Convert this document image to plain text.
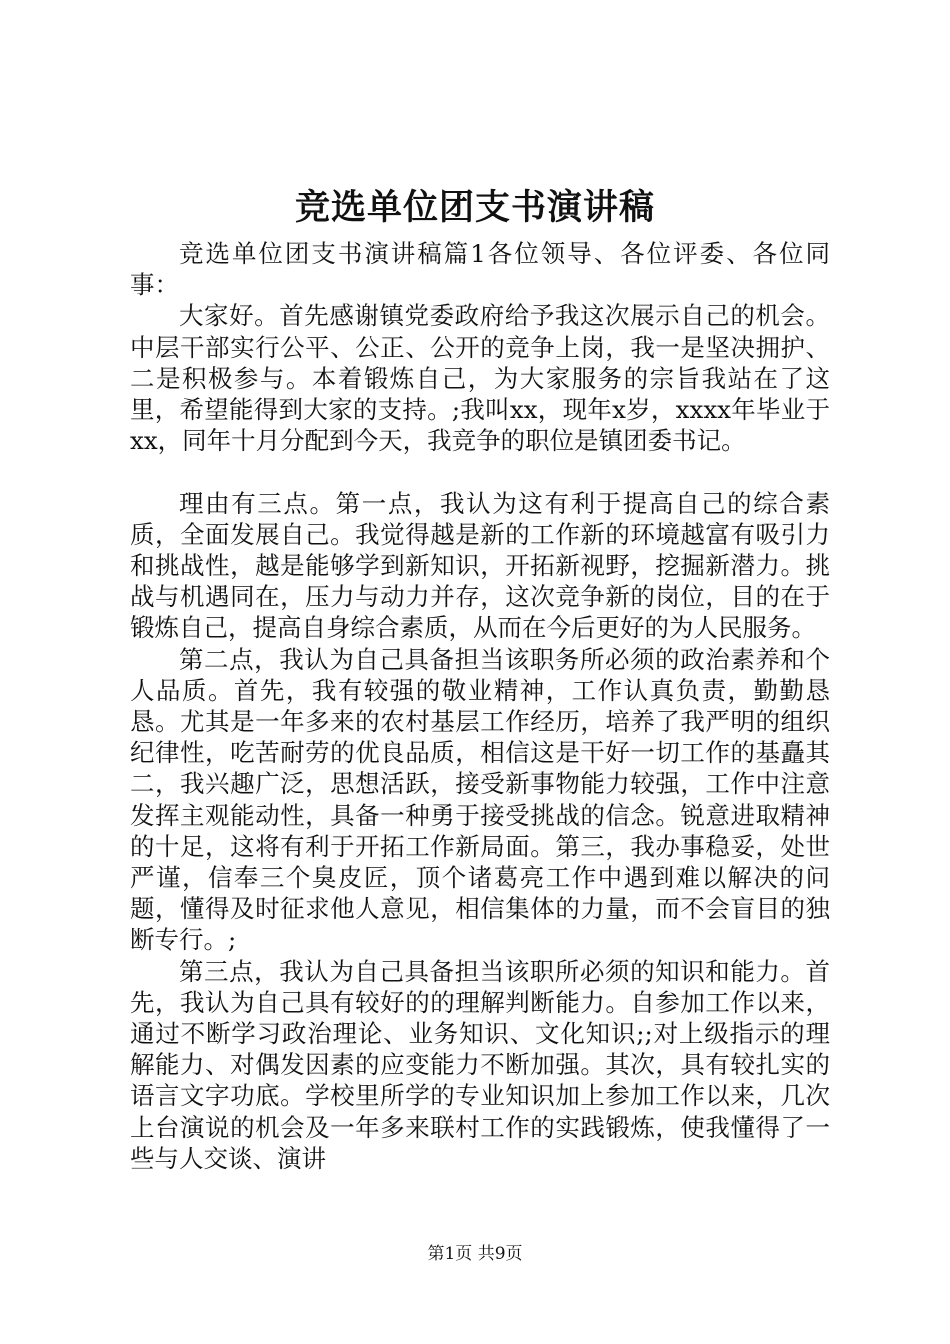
竞选单位团支书演讲稿

竞选单位团支书演讲稿篇1各位领导、各位评委、各位同事：

大家好。首先感谢镇党委政府给予我这次展示自己的机会。中层干部实行公平、公正、公开的竞争上岗，我一是坚决拥护、二是积极参与。本着锻炼自己，为大家服务的宗旨我站在了这里，希望能得到大家的支持。;我叫xx，现年x岁，xxxx年毕业于xx，同年十月分配到今天，我竞争的职位是镇团委书记。

理由有三点。第一点，我认为这有利于提高自己的综合素质，全面发展自己。我觉得越是新的工作新的环境越富有吸引力和挑战性，越是能够学到新知识，开拓新视野，挖掘新潜力。挑战与机遇同在，压力与动力并存，这次竞争新的岗位，目的在于锻炼自己，提高自身综合素质，从而在今后更好的为人民服务。

第二点，我认为自己具备担当该职务所必须的政治素养和个人品质。首先，我有较强的敬业精神，工作认真负责，勤勤恳恳。尤其是一年多来的农村基层工作经历，培养了我严明的组织纪律性，吃苦耐劳的优良品质，相信这是干好一切工作的基矗其二，我兴趣广泛，思想活跃，接受新事物能力较强，工作中注意发挥主观能动性，具备一种勇于接受挑战的信念。锐意进取精神的十足，这将有利于开拓工作新局面。第三，我办事稳妥，处世严谨，信奉三个臭皮匠，顶个诸葛亮工作中遇到难以解决的问题，懂得及时征求他人意见，相信集体的力量，而不会盲目的独断专行。;

第三点，我认为自己具备担当该职所必须的知识和能力。首先，我认为自己具有较好的的理解判断能力。自参加工作以来，通过不断学习政治理论、业务知识、文化知识;;对上级指示的理解能力、对偶发因素的应变能力不断加强。其次，具有较扎实的语言文字功底。学校里所学的专业知识加上参加工作以来，几次上台演说的机会及一年多来联村工作的实践锻炼，使我懂得了一些与人交谈、演讲

第1页 共9页
